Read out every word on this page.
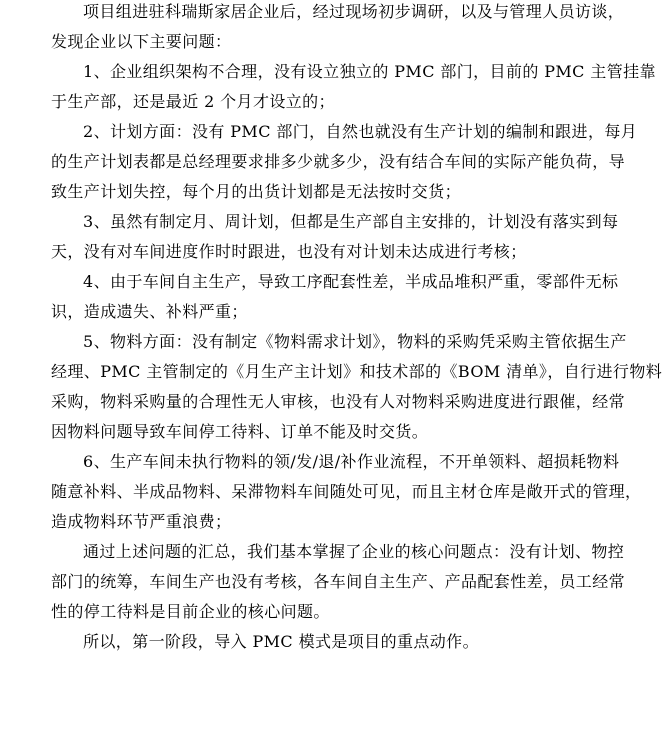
项目组进驻科瑞斯家居企业后，经过现场初步调研，以及与管理人员访谈，
发现企业以下主要问题：
1、企业组织架构不合理，没有设立独立的 PMC 部门，目前的 PMC 主管挂靠
于生产部，还是最近 2 个月才设立的；
2、计划方面：没有 PMC 部门，自然也就没有生产计划的编制和跟进，每月
的生产计划表都是总经理要求排多少就多少，没有结合车间的实际产能负荷，导
致生产计划失控，每个月的出货计划都是无法按时交货；
3、虽然有制定月、周计划，但都是生产部自主安排的，计划没有落实到每
天，没有对车间进度作时时跟进，也没有对计划未达成进行考核；
4、由于车间自主生产，导致工序配套性差，半成品堆积严重，零部件无标
识，造成遗失、补料严重；
5、物料方面：没有制定《物料需求计划》，物料的采购凭采购主管依据生产
经理、PMC 主管制定的《月生产主计划》和技术部的《BOM 清单》，自行进行物料
采购，物料采购量的合理性无人审核，也没有人对物料采购进度进行跟催，经常
因物料问题导致车间停工待料、订单不能及时交货。
6、生产车间未执行物料的领/发/退/补作业流程，不开单领料、超损耗物料
随意补料、半成品物料、呆滞物料车间随处可见，而且主材仓库是敞开式的管理，
造成物料环节严重浪费；
通过上述问题的汇总，我们基本掌握了企业的核心问题点：没有计划、物控
部门的统筹，车间生产也没有考核，各车间自主生产、产品配套性差，员工经常
性的停工待料是目前企业的核心问题。
所以，第一阶段，导入 PMC 模式是项目的重点动作。
